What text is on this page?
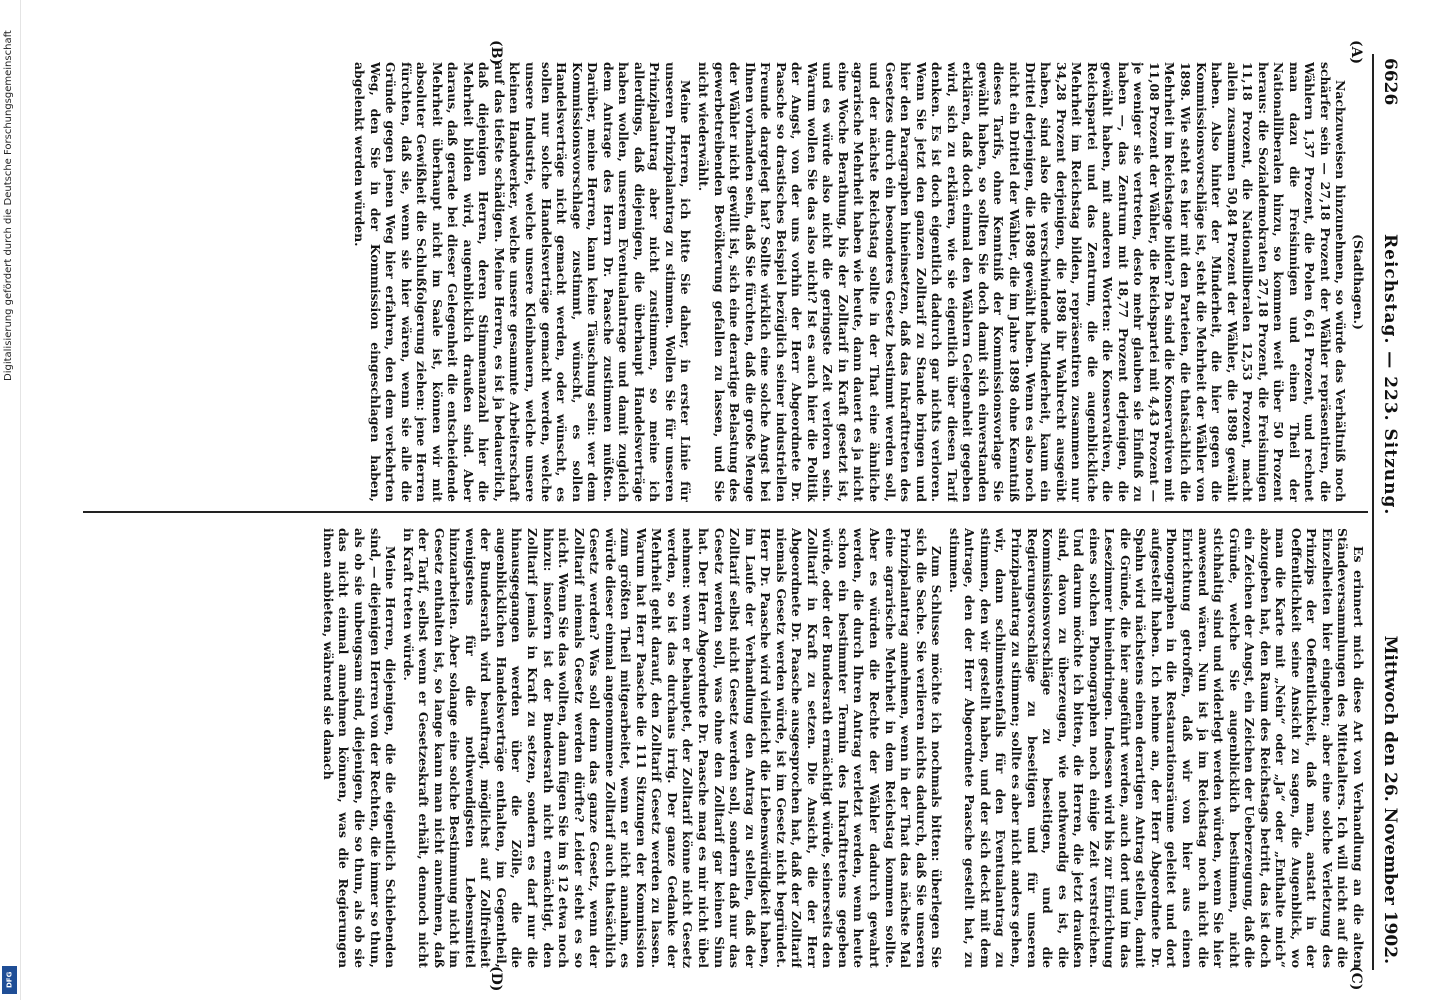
Digitalisierung gefördert durch die Deutsche Forschungsgemeinschaft
DFG
6626
Reichstag. — 223. Sitzung.
Mittwoch den 26. November 1902.
(A)
(B)
(C)
(D)
(Stadthagen.)

Nachzuweisen hinzunehmen, so würde das Verhältniß noch schärfer sein — 27,18 Prozent der Wähler repräsentiren, die Wählern 1,37 Prozent, die Polen 6,61 Prozent, und rechnet man dazu die Freisinnigen und einen Theil der Nationalliberalen hinzu, so kommen weit über 50 Prozent heraus: die Sozialdemokraten 27,18 Prozent, die Freisinnigen 11,18 Prozent, die Nationalliberalen 12,53 Prozent, macht allein zusammen 50,84 Prozent der Wähler, die 1898 gewählt haben. Also hinter der Minderheit, die hier gegen die Kommissionsvorschläge ist, steht die Mehrheit der Wähler von 1898. Wie steht es hier mit den Parteien, die thatsächlich die Mehrheit im Reichstage bilden? Da sind die Konservativen mit 11,08 Prozent der Wähler, die Reichspartei mit 4,43 Prozent — je weniger sie vertreten, desto mehr glauben sie Einfluß zu haben —, das Zentrum mit 18,77 Prozent derjenigen, die gewählt haben, mit anderen Worten: die Konservativen, die Reichspartei und das Zentrum, die die augenblickliche Mehrheit im Reichstag bilden, repräsentiren zusammen nur 34,28 Prozent derjenigen, die 1898 ihr Wahlrecht ausgeübt haben, sind also die verschwindende Minderheit, kaum ein Drittel derjenigen, die 1898 gewählt haben. Wenn es also noch nicht ein Drittel der Wähler, die im Jahre 1898 ohne Kenntniß dieses Tarifs, ohne Kenntniß der Kommissionsvorlage Sie gewählt haben, so sollten Sie doch damit sich einverstanden erklären, daß doch einmal den Wählern Gelegenheit gegeben wird, sich zu erklären, wie sie eigentlich über diesen Tarif denken. Es ist doch eigentlich dadurch gar nichts verloren. Wenn Sie jetzt den ganzen Zolltarif zu Stande bringen und hier den Paragraphen hineinsetzen, daß das Inkrafttreten des Gesetzes durch ein besonderes Gesetz bestimmt werden soll, und der nächste Reichstag sollte in der That eine ähnliche agrarische Mehrheit haben wie heute, dann dauert es ja nicht eine Woche Berathung, bis der Zolltarif in Kraft gesetzt ist, und es würde also nicht die geringste Zeit verloren sein. Warum wollen Sie das also nicht? Ist es auch hier die Politik der Angst, von der uns vorhin der Herr Abgeordnete Dr. Paasche so drastisches Beispiel bezüglich seiner industriellen Freunde dargelegt hat? Sollte wirklich eine solche Angst bei Ihnen vorhanden sein, daß Sie fürchten, daß die große Menge der Wähler nicht gewillt ist, sich eine derartige Belastung des gewerbetreibenden Bevölkerung gefallen zu lassen, und Sie nicht wiederwählt.

Meine Herren, ich bitte Sie daher, in erster Linie für unseren Prinzipalantrag zu stimmen. Wollen Sie für unseren Prinzipalantrag aber nicht zustimmen, so meine ich allerdings, daß diejenigen, die überhaupt Handelsverträge haben wollen, unserem Eventualantrage und damit zugleich dem Antrage des Herrn Dr. Paasche zustimmen müßten. Darüber, meine Herren, kann keine Täuschung sein: wer dem Kommissionsvorschlage zustimmt, wünscht, es sollen Handelsverträge nicht gemacht werden, oder wünscht, es sollen nur solche Handelsverträge gemacht werden, welche unsere Industrie, welche unsere Kleinbauern, welche unsere kleinen Handwerker, welche unsere gesammte Arbeiterschaft auf das tiefste schädigen. Meine Herren, es ist ja bedauerlich, daß diejenigen Herren, deren Stimmenanzahl hier die Mehrheit bilden wird, augenblicklich draußen sind. Aber daraus, daß gerade bei dieser Gelegenheit die entscheidende Mehrheit überhaupt nicht im Saale ist, können wir mit absoluter Gewißheit die Schlußfolgerung ziehen: jene Herren fürchten, daß sie, wenn sie hier wären, wenn sie alle die Gründe gegen jenen Weg hier erfahren, den dem verkehrten Weg, den Sie in der Kommission eingeschlagen haben, abgelenkt werden würden.

Es erinnert mich diese Art von Verhandlung an die alten Ständeversammlungen des Mittelalters. Ich will nicht auf die Einzelheiten hier eingehen; aber eine solche Verletzung des Prinzips der Oeffentlichkeit, daß man, anstatt in der Oeffentlichkeit seine Ansicht zu sagen, die Augenblick, wo man die Karte mit „Nein“ oder „Ja“ oder „Enthalte mich“ abzugeben hat, den Raum des Reichstags betritt, das ist doch ein Zeichen der Angst, ein Zeichen der Ueberzeugung, daß die Gründe, welche Sie augenblicklich bestimmen, nicht stichhaltig sind und widerlegt werden würden, wenn Sie hier anwesend wären. Nun ist ja im Reichstag noch nicht die Einrichtung getroffen, daß wir von hier aus einen Phonographen in die Restaurationsräume geleitet und dort aufgestellt haben. Ich nehme an, der Herr Abgeordnete Dr. Spahn wird nächstens einen derartigen Antrag stellen, damit die Gründe, die hier angeführt werden, auch dort und im das Lesezimmer hineindringen. Indessen wird bis zur Einrichtung eines solchen Phonographen noch einige Zeit verstreichen. Und darum möchte ich bitten, die Herren, die jetzt draußen sind, davon zu überzeugen, wie nothwendig es ist, die Kommissionsvorschläge zu beseitigen, und die Regierungsvorschläge zu beseitigen und für unseren Prinzipalantrag zu stimmen; sollte es aber nicht anders gehen, wir, dann schlimmstenfalls für den Eventualantrag zu stimmen, den wir gestellt haben, und der sich deckt mit dem Antrage, den der Herr Abgeordnete Paasche gestellt hat, zu stimmen.

Zum Schlusse möchte ich nochmals bitten: überlegen Sie sich die Sache. Sie verlieren nichts dadurch, daß Sie unseren Prinzipalantrag annehmen, wenn in der That das nächste Mal eine agrarische Mehrheit in dem Reichstag kommen sollte. Aber es würden die Rechte der Wähler dadurch gewahrt werden, die durch Ihren Antrag verletzt werden, wenn heute schon ein bestimmter Termin des Inkrafttretens gegeben würde, oder der Bundesrath ermächtigt würde, seinerseits den Zolltarif in Kraft zu setzen. Die Ansicht, die der Herr Abgeordnete Dr. Paasche ausgesprochen hat, daß der Zolltarif niemals Gesetz werden würde, ist im Gesetz nicht begründet. Herr Dr. Paasche wird vielleicht die Liebenswürdigkeit haben, im Laufe der Verhandlung den Antrag zu stellen, daß der Zolltarif selbst nicht Gesetz werden soll, sondern daß nur das Gesetz werden soll, was ohne den Zolltarif gar keinen Sinn hat. Der Herr Abgeordnete Dr. Paasche mag es mir nicht übel nehmen: wenn er behauptet, der Zolltarif könne nicht Gesetz werden, so ist das durchaus irrig. Der ganze Gedanke der Mehrheit geht darauf, den Zolltarif Gesetz werden zu lassen. Warum hat Herr Paasche die 111 Sitzungen der Kommission zum größten Theil mitgearbeitet, wenn er nicht annahm, es würde dieser einmal angenommene Zolltarif auch thatsächlich Gesetz werden? Was soll denn das ganze Gesetz, wenn der Zolltarif niemals Gesetz werden dürfte? Leider steht es so nicht. Wenn Sie das wollten, dann fügen Sie im § 12 etwa noch hinzu: insofern ist der Bundesrath nicht ermächtigt, den Zolltarif jemals in Kraft zu setzen, sondern es darf nur die hinausgegangen werden über die Zölle, die die augenblicklichen Handelsverträge enthalten, im Gegentheil, der Bundesrath wird beauftragt, möglichst auf Zollfreiheit wenigstens für die nothwendigsten Lebensmittel hinzuarbeiten. Aber solange eine solche Bestimmung nicht im Gesetz enthalten ist, so lange kann man nicht annehmen, daß der Tarif, selbst wenn er Gesetzeskraft erhält, dennoch nicht in Kraft treten würde.

Meine Herren, diejenigen, die die eigentlich Schiebenden sind, — diejenigen Herren von der Rechten, die immer so thun, als ob sie unbeugsam sind, diejenigen, die so thun, als ob sie das nicht einmal annehmen können, was die Regierungen ihnen anbieten, während sie danach
